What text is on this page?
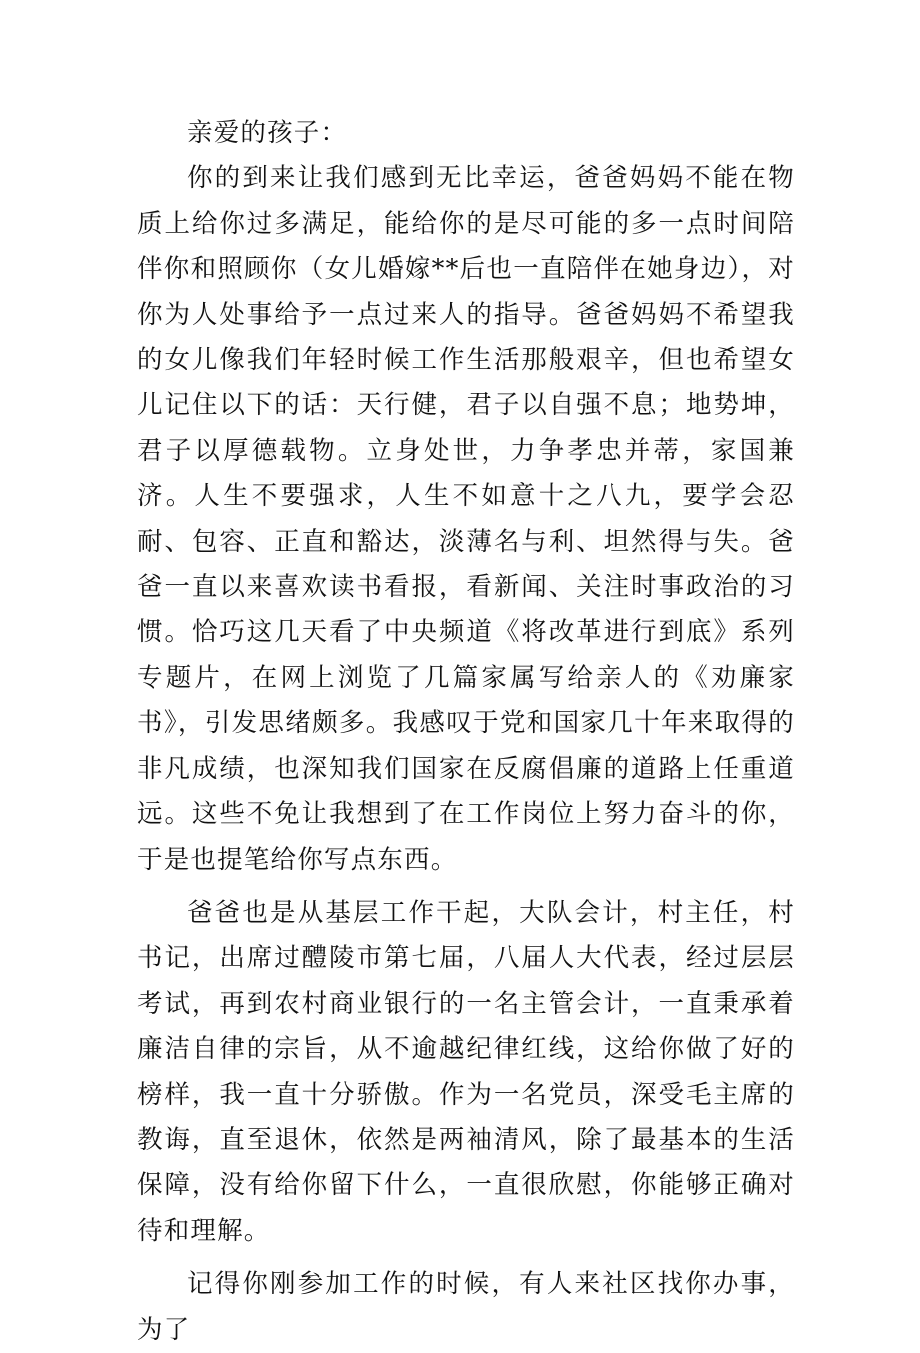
亲爱的孩子：

你的到来让我们感到无比幸运，爸爸妈妈不能在物质上给你过多满足，能给你的是尽可能的多一点时间陪伴你和照顾你（女儿婚嫁**后也一直陪伴在她身边），对你为人处事给予一点过来人的指导。爸爸妈妈不希望我的女儿像我们年轻时候工作生活那般艰辛，但也希望女儿记住以下的话：天行健，君子以自强不息；地势坤，君子以厚德载物。立身处世，力争孝忠并蒂，家国兼济。人生不要强求，人生不如意十之八九，要学会忍耐、包容、正直和豁达，淡薄名与利、坦然得与失。爸爸一直以来喜欢读书看报，看新闻、关注时事政治的习惯。恰巧这几天看了中央频道《将改革进行到底》系列专题片，在网上浏览了几篇家属写给亲人的《劝廉家书》，引发思绪颇多。我感叹于党和国家几十年来取得的非凡成绩，也深知我们国家在反腐倡廉的道路上任重道远。这些不免让我想到了在工作岗位上努力奋斗的你，于是也提笔给你写点东西。

爸爸也是从基层工作干起，大队会计，村主任，村书记，出席过醴陵市第七届，八届人大代表，经过层层考试，再到农村商业银行的一名主管会计，一直秉承着廉洁自律的宗旨，从不逾越纪律红线，这给你做了好的榜样，我一直十分骄傲。作为一名党员，深受毛主席的教诲，直至退休，依然是两袖清风，除了最基本的生活保障，没有给你留下什么，一直很欣慰，你能够正确对待和理解。

记得你刚参加工作的时候，有人来社区找你办事，为了
